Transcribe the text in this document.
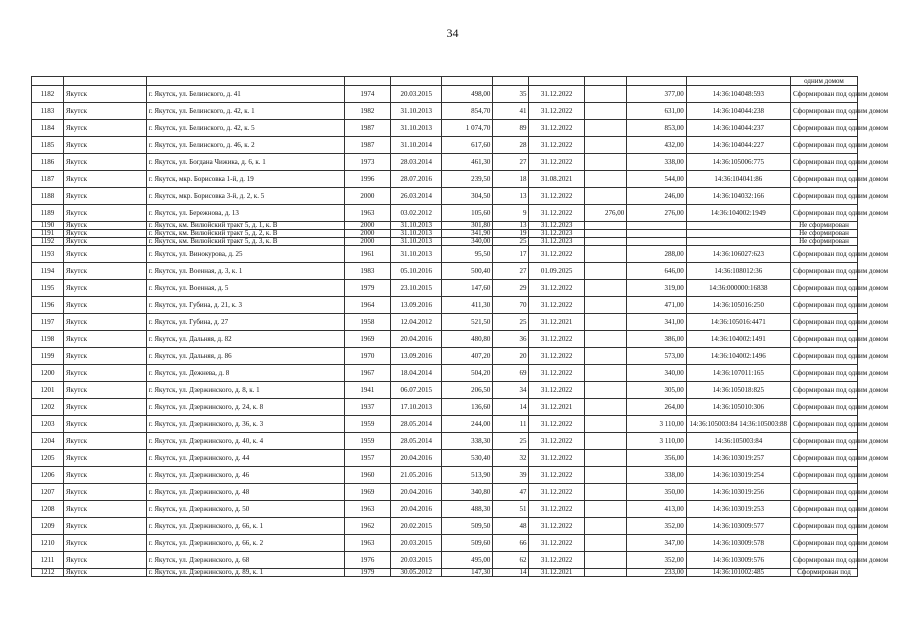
34
											одним домом
1182	Якутск	г. Якутск, ул. Белинского, д. 41	1974	20.03.2015	498,00	35	31.12.2022		377,00	14:36:104048:593	Сформирован под одним домом
1183	Якутск	г. Якутск, ул. Белинского, д. 42, к. 1	1982	31.10.2013	854,70	41	31.12.2022		631,00	14:36:104044:238	Сформирован под одним домом
1184	Якутск	г. Якутск, ул. Белинского, д. 42, к. 5	1987	31.10.2013	1 074,70	89	31.12.2022		853,00	14:36:104044:237	Сформирован под одним домом
1185	Якутск	г. Якутск, ул. Белинского, д. 46, к. 2	1987	31.10.2014	617,60	28	31.12.2022		432,00	14:36:104044:227	Сформирован под одним домом
1186	Якутск	г. Якутск, ул. Богдана Чижика, д. 6, к. 1	1973	28.03.2014	461,30	27	31.12.2022		338,00	14:36:105006:775	Сформирован под одним домом
1187	Якутск	г. Якутск, мкр. Борисовка 1-й, д. 19	1996	28.07.2016	239,50	18	31.08.2021		544,00	14:36:104041:86	Сформирован под одним домом
1188	Якутск	г. Якутск, мкр. Борисовка 3-й, д. 2, к. 5	2000	26.03.2014	304,50	13	31.12.2022		246,00	14:36:104032:166	Сформирован под одним домом
1189	Якутск	г. Якутск, ул. Бережнова, д. 13	1963	03.02.2012	105,60	9	31.12.2022	276,00	276,00	14:36:104002:1949	Сформирован под одним домом
1190	Якутск	г. Якутск, км. Вилюйский тракт 5, д. 1, к. В	2000	31.10.2013	301,80	13	31.12.2023				Не сформирован
1191	Якутск	г. Якутск, км. Вилюйский тракт 5, д. 2, к. В	2000	31.10.2013	341,90	19	31.12.2023				Не сформирован
1192	Якутск	г. Якутск, км. Вилюйский тракт 5, д. 3, к. В	2000	31.10.2013	340,00	25	31.12.2023				Не сформирован
1193	Якутск	г. Якутск, ул. Винокурова, д. 25	1961	31.10.2013	95,50	17	31.12.2022		288,00	14:36:106027:623	Сформирован под одним домом
1194	Якутск	г. Якутск, ул. Военная, д. 3, к. 1	1983	05.10.2016	500,40	27	01.09.2025		646,00	14:36:108012:36	Сформирован под одним домом
1195	Якутск	г. Якутск, ул. Военная, д. 5	1979	23.10.2015	147,60	29	31.12.2022		319,00	14:36:000000:16838	Сформирован под одним домом
1196	Якутск	г. Якутск, ул. Губина, д. 21, к. 3	1964	13.09.2016	411,30	70	31.12.2022		471,00	14:36:105016:250	Сформирован под одним домом
1197	Якутск	г. Якутск, ул. Губина, д. 27	1958	12.04.2012	521,50	25	31.12.2021		341,00	14:36:105016:4471	Сформирован под одним домом
1198	Якутск	г. Якутск, ул. Дальняя, д. 82	1969	20.04.2016	480,80	36	31.12.2022		386,00	14:36:104002:1491	Сформирован под одним домом
1199	Якутск	г. Якутск, ул. Дальняя, д. 86	1970	13.09.2016	407,20	20	31.12.2022		573,00	14:36:104002:1496	Сформирован под одним домом
1200	Якутск	г. Якутск, ул. Дежнева, д. 8	1967	18.04.2014	504,20	69	31.12.2022		340,00	14:36:107011:165	Сформирован под одним домом
1201	Якутск	г. Якутск, ул. Дзержинского, д. 8, к. 1	1941	06.07.2015	206,50	34	31.12.2022		305,00	14:36:105018:825	Сформирован под одним домом
1202	Якутск	г. Якутск, ул. Дзержинского, д. 24, к. 8	1937	17.10.2013	136,60	14	31.12.2021		264,00	14:36:105010:306	Сформирован под одним домом
1203	Якутск	г. Якутск, ул. Дзержинского, д. 36, к. 3	1959	28.05.2014	244,00	11	31.12.2022		3 110,00	14:36:105003:84 14:36:105003:88	Сформирован под одним домом
1204	Якутск	г. Якутск, ул. Дзержинского, д. 40, к. 4	1959	28.05.2014	338,30	25	31.12.2022		3 110,00	14:36:105003:84	Сформирован под одним домом
1205	Якутск	г. Якутск, ул. Дзержинского, д. 44	1957	20.04.2016	530,40	32	31.12.2022		356,00	14:36:103019:257	Сформирован под одним домом
1206	Якутск	г. Якутск, ул. Дзержинского, д. 46	1960	21.05.2016	513,90	39	31.12.2022		338,00	14:36:103019:254	Сформирован под одним домом
1207	Якутск	г. Якутск, ул. Дзержинского, д. 48	1969	20.04.2016	340,80	47	31.12.2022		350,00	14:36:103019:256	Сформирован под одним домом
1208	Якутск	г. Якутск, ул. Дзержинского, д. 50	1963	20.04.2016	488,30	51	31.12.2022		413,00	14:36:103019:253	Сформирован под одним домом
1209	Якутск	г. Якутск, ул. Дзержинского, д. 66, к. 1	1962	20.02.2015	509,50	48	31.12.2022		352,00	14:36:103009:577	Сформирован под одним домом
1210	Якутск	г. Якутск, ул. Дзержинского, д. 66, к. 2	1963	20.03.2015	509,60	66	31.12.2022		347,00	14:36:103009:578	Сформирован под одним домом
1211	Якутск	г. Якутск, ул. Дзержинского, д. 68	1976	20.03.2015	495,00	62	31.12.2022		352,00	14:36:103009:576	Сформирован под одним домом
1212	Якутск	г. Якутск, ул. Дзержинского, д. 89, к. 1	1979	30.05.2012	147,30	14	31.12.2021		233,00	14:36:101002:485	Сформирован под
